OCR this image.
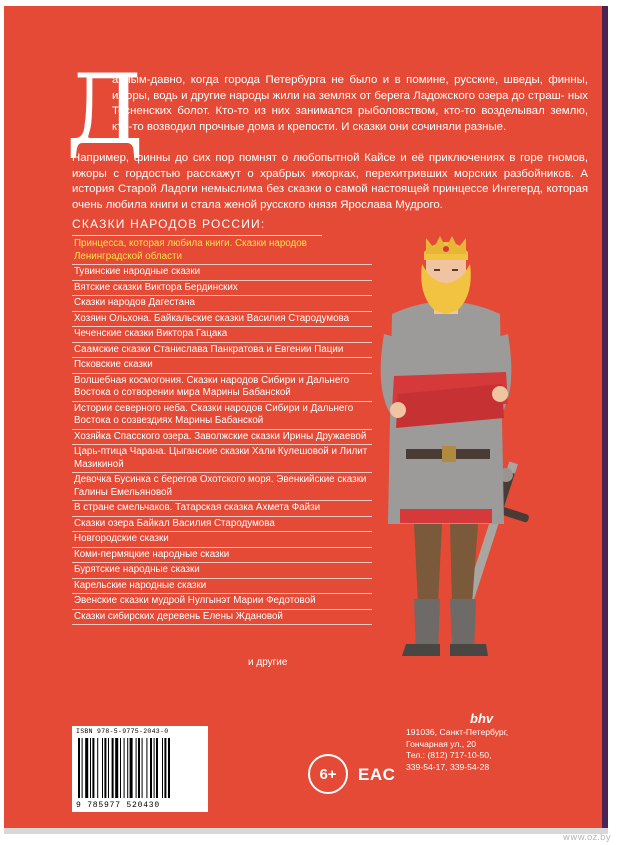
Д

авным-давно, когда города Петербурга не было и в помине, русские, шведы, финны, ижоры, водь и другие народы жили на землях от берега Ладожского озера до страш- ных Тосненских болот. Кто-то из них занимался рыболовством, кто-то возделывал землю, кто-то возводил прочные дома и крепости. И сказки они сочиняли разные.

Например, финны до сих пор помнят о любопытной Кайсе и её приключениях в горе гномов, ижоры с гордостью расскажут о храбрых ижорках, перехитривших морских разбойников. А история Старой Ладоги немыслима без сказки о самой настоящей принцессе Ингегерд, которая очень любила книги и стала женой русского князя Ярослава Мудрого.

СКАЗКИ НАРОДОВ РОССИИ:
Принцесса, которая любила книги. Сказки народов Ленинградской области
Тувинские народные сказки
Вятские сказки Виктора Бердинских
Сказки народов Дагестана
Хозяин Ольхона. Байкальские сказки Василия Стародумова
Чеченские сказки Виктора Гацака
Саамские сказки Станислава Панкратова и Евгении Пации
Псковские сказки
Волшебная космогония. Сказки народов Сибири и Дальнего Востока о сотворении мира Марины Бабанской
Истории северного неба. Сказки народов Сибири и Дальнего Востока о созвездиях Марины Бабанской
Хозяйка Спасского озера. Заволжские сказки Ирины Дружаевой
Царь-птица Чарана. Цыганские сказки Хали Кулешовой и Лилит Мазикиной
Девочка Бусинка с берегов Охотского моря. Эвенкийские сказки Галины Емельяновой
В стране смельчаков. Татарская сказка Ахмета Файзи
Сказки озера Байкал Василия Стародумова
Новгородские сказки
Коми-пермяцкие народные сказки
Бурятские народные сказки
Карельские народные сказки
Эвенские сказки мудрой Нулгынэт Марии Федотовой
Сказки сибирских деревень Елены Ждановой
и другие
ISBN 978-5-9775-2043-0
9 785977 520430
6+	EAC
bhv
191036, Санкт-Петербург,
Гончарная ул., 20
Тел.: (812) 717-10-50,
339-54-17, 339-54-28
www.oz.by
